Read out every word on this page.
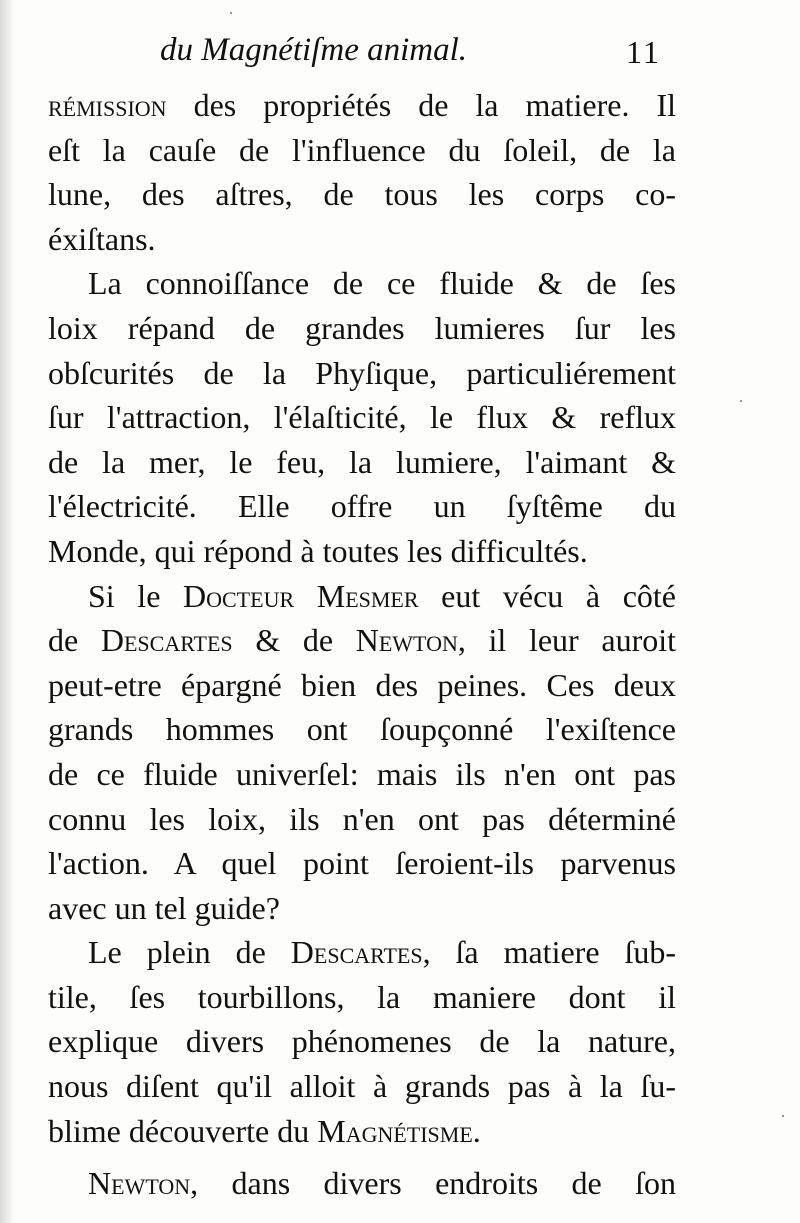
du Magnétiſme animal.	11
rémission des propriétés de la matiere. Il
eſt la cauſe de l'influence du ſoleil, de la
lune, des aſtres, de tous les corps co-
éxiſtans.
La connoiſſance de ce fluide & de ſes
loix répand de grandes lumieres ſur les
obſcurités de la Phyſique, particuliérement
ſur l'attraction, l'élaſticité, le flux & reflux
de la mer, le feu, la lumiere, l'aimant &
l'électricité. Elle offre un ſyſtême du
Monde, qui répond à toutes les difficultés.
Si le Docteur Mesmer eut vécu à côté
de Descartes & de Newton, il leur auroit
peut-etre épargné bien des peines. Ces deux
grands hommes ont ſoupçonné l'exiſtence
de ce fluide univerſel: mais ils n'en ont pas
connu les loix, ils n'en ont pas déterminé
l'action. A quel point ſeroient-ils parvenus
avec un tel guide?
Le plein de Descartes, ſa matiere ſub-
tile, ſes tourbillons, la maniere dont il
explique divers phénomenes de la nature,
nous diſent qu'il alloit à grands pas à la ſu-
blime découverte du Magnétisme.
Newton, dans divers endroits de ſon
